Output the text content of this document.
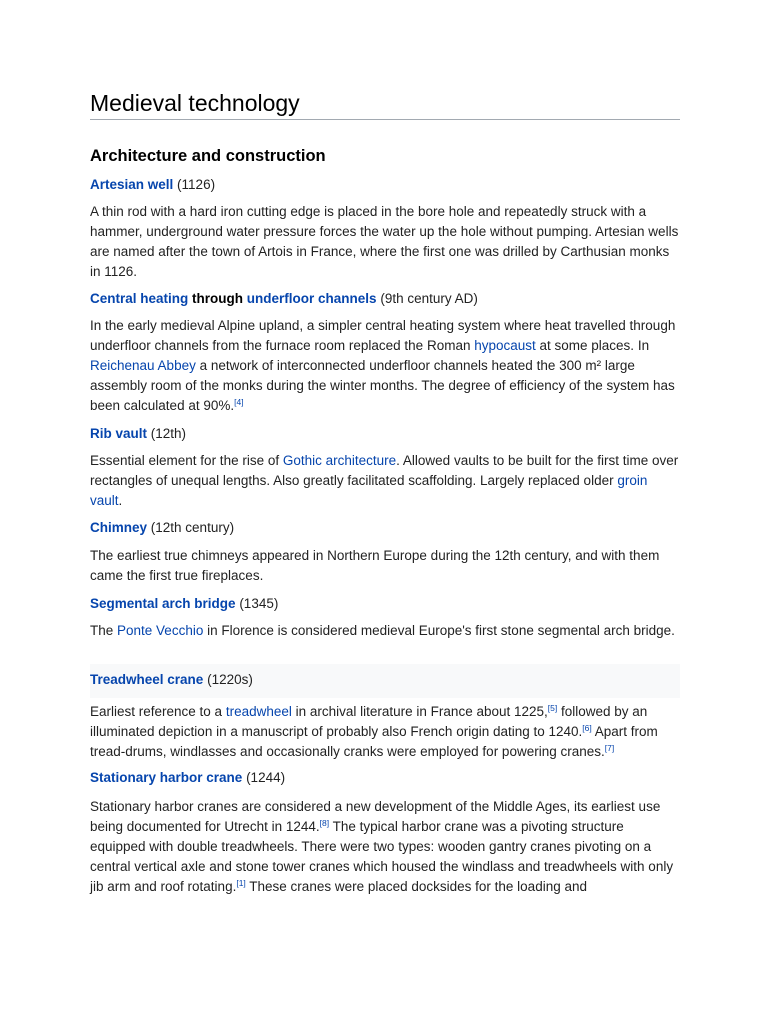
Medieval technology
Architecture and construction

Artesian well (1126)

A thin rod with a hard iron cutting edge is placed in the bore hole and repeatedly struck with a hammer, underground water pressure forces the water up the hole without pumping. Artesian wells are named after the town of Artois in France, where the first one was drilled by Carthusian monks in 1126.

Central heating through underfloor channels (9th century AD)

In the early medieval Alpine upland, a simpler central heating system where heat travelled through underfloor channels from the furnace room replaced the Roman hypocaust at some places. In Reichenau Abbey a network of interconnected underfloor channels heated the 300 m² large assembly room of the monks during the winter months. The degree of efficiency of the system has been calculated at 90%.[4]

Rib vault (12th)

Essential element for the rise of Gothic architecture. Allowed vaults to be built for the first time over rectangles of unequal lengths. Also greatly facilitated scaffolding. Largely replaced older groin vault.

Chimney (12th century)

The earliest true chimneys appeared in Northern Europe during the 12th century, and with them came the first true fireplaces.

Segmental arch bridge (1345)

The Ponte Vecchio in Florence is considered medieval Europe's first stone segmental arch bridge.

Treadwheel crane (1220s)

Earliest reference to a treadwheel in archival literature in France about 1225,[5] followed by an illuminated depiction in a manuscript of probably also French origin dating to 1240.[6] Apart from tread-drums, windlasses and occasionally cranks were employed for powering cranes.[7]

Stationary harbor crane (1244)

Stationary harbor cranes are considered a new development of the Middle Ages, its earliest use being documented for Utrecht in 1244.[8] The typical harbor crane was a pivoting structure equipped with double treadwheels. There were two types: wooden gantry cranes pivoting on a central vertical axle and stone tower cranes which housed the windlass and treadwheels with only jib arm and roof rotating.[1] These cranes were placed docksides for the loading and
